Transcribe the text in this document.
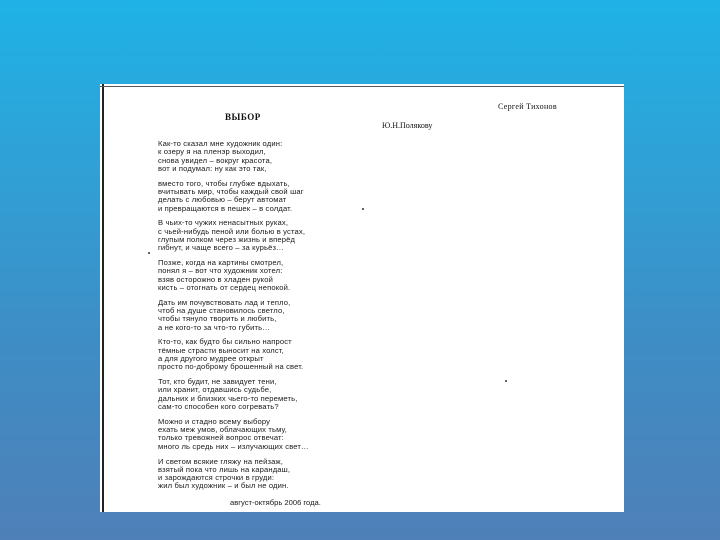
Сергей Тихонов
ВЫБОР
Ю.Н.Полякову
Как-то сказал мне художник один:
к озеру я на пленэр выходил,
снова увидел – вокруг красота,
вот и подумал: ну как это так,
вместо того, чтобы глубже вдыхать,
вчитывать мир, чтобы каждый свой шаг
делать с любовью – берут автомат
и превращаются в пешек – в солдат.
В чьих-то чужих ненасытных руках,
с чьей-нибудь пеной или болью в устах,
глупым полком через жизнь и вперёд
гибнут, и чаще всего – за курьёз…
Позже, когда на картины смотрел,
понял я – вот что художник хотел:
взяв осторожно в хладен рукой
кисть – отогнать от сердец непокой.
Дать им почувствовать лад и тепло,
чтоб на душе становилось светло,
чтобы тянуло творить и любить,
а не кого-то за что-то губить…
Кто-то, как будто бы сильно напрост
тёмные страсти выносит на холст,
а для другого мудрее открыт
просто по-доброму брошенный на свет.
Тот, кто будит, не завидует тени,
или хранит, отдавшись судьбе,
дальних и близких чьего-то переметь,
сам-то способен кого согревать?
Можно и стадно всему выбору
ехать меж умов, облачающих тьму,
только тревожней вопрос отвечат:
много ль средь них – излучающих свет…
И светом всякие гляжу на пейзаж,
взятый пока что лишь на карандаш,
и зарождаются строчки в груди:
жил был художник – и был не один.
август-октябрь 2006 года.
